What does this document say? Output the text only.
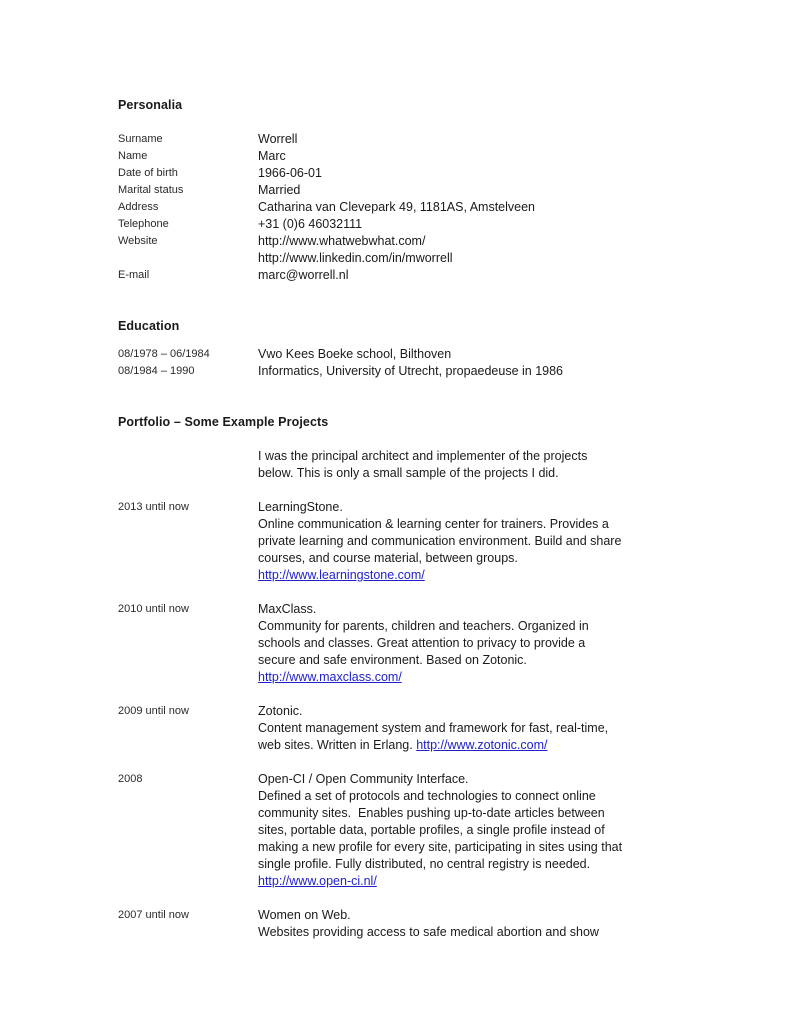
Personalia
Surname	Worrell
Name	Marc
Date of birth	1966-06-01
Marital status	Married
Address	Catharina van Clevepark 49, 1181AS, Amstelveen
Telephone	+31 (0)6 46032111
Website	http://www.whatwebwhat.com/
http://www.linkedin.com/in/mworrell
E-mail	marc@worrell.nl
Education
08/1978 – 06/1984	Vwo Kees Boeke school, Bilthoven
08/1984 – 1990	Informatics, University of Utrecht, propaedeuse in 1986
Portfolio – Some Example Projects
I was the principal architect and implementer of the projects
below. This is only a small sample of the projects I did.
2013 until now	LearningStone.
Online communication & learning center for trainers. Provides a
private learning and communication environment. Build and share
courses, and course material, between groups.
http://www.learningstone.com/
2010 until now	MaxClass.
Community for parents, children and teachers. Organized in
schools and classes. Great attention to privacy to provide a
secure and safe environment. Based on Zotonic.
http://www.maxclass.com/
2009 until now	Zotonic.
Content management system and framework for fast, real-time,
web sites. Written in Erlang. http://www.zotonic.com/
2008	Open-CI / Open Community Interface.
Defined a set of protocols and technologies to connect online
community sites.  Enables pushing up-to-date articles between
sites, portable data, portable profiles, a single profile instead of
making a new profile for every site, participating in sites using that
single profile. Fully distributed, no central registry is needed.
http://www.open-ci.nl/
2007 until now	Women on Web.
Websites providing access to safe medical abortion and show
